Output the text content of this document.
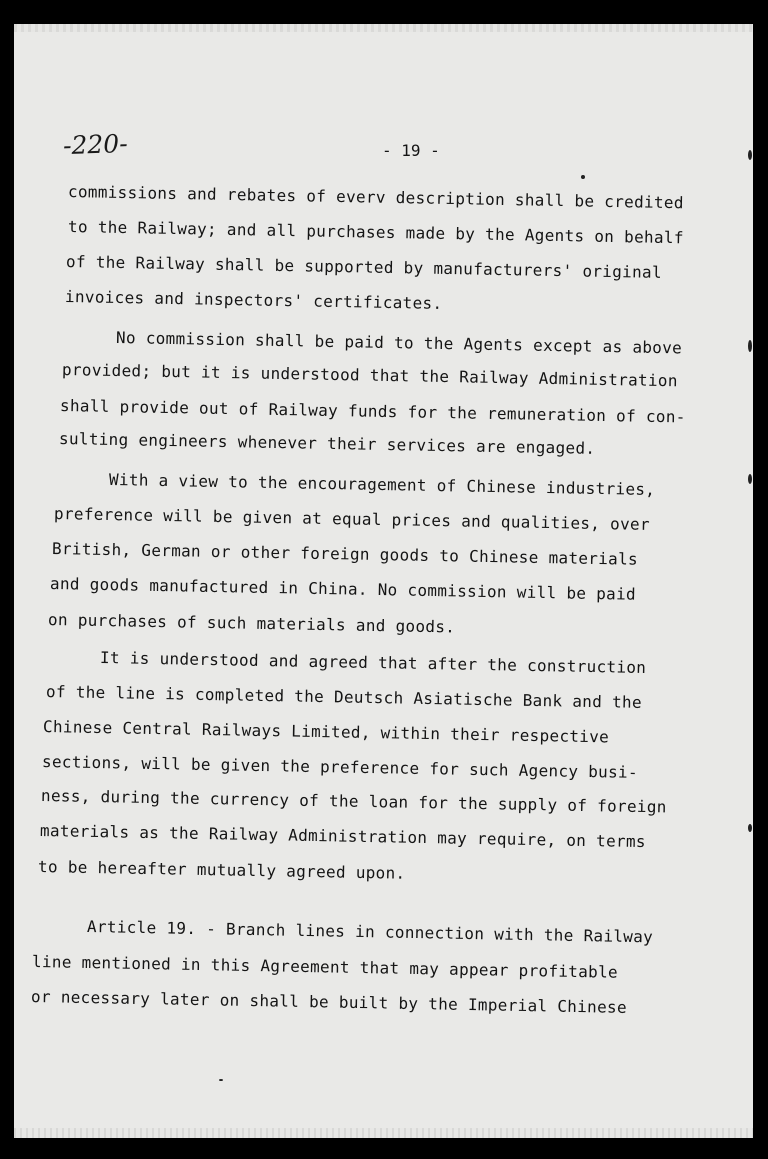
-220-	- 19 -
commissions and rebates of everv description shall be credited
to the Railway; and all purchases made by the Agents on behalf
of the Railway shall be supported by manufacturers' original
invoices and inspectors' certificates.
No commission shall be paid to the Agents except as above
provided; but it is understood that the Railway Administration
shall provide out of Railway funds for the remuneration of con-
sulting engineers whenever their services are engaged.
With a view to the encouragement of Chinese industries,
preference will be given at equal prices and qualities, over
British, German or other foreign goods to Chinese materials
and goods manufactured in China. No commission will be paid
on purchases of such materials and goods.
It is understood and agreed that after the construction
of the line is completed the Deutsch Asiatische Bank and the
Chinese Central Railways Limited, within their respective
sections, will be given the preference for such Agency busi-
ness, during the currency of the loan for the supply of foreign
materials as the Railway Administration may require, on terms
to be hereafter mutually agreed upon.
Article 19. - Branch lines in connection with the Railway
line mentioned in this Agreement that may appear profitable
or necessary later on shall be built by the Imperial Chinese
